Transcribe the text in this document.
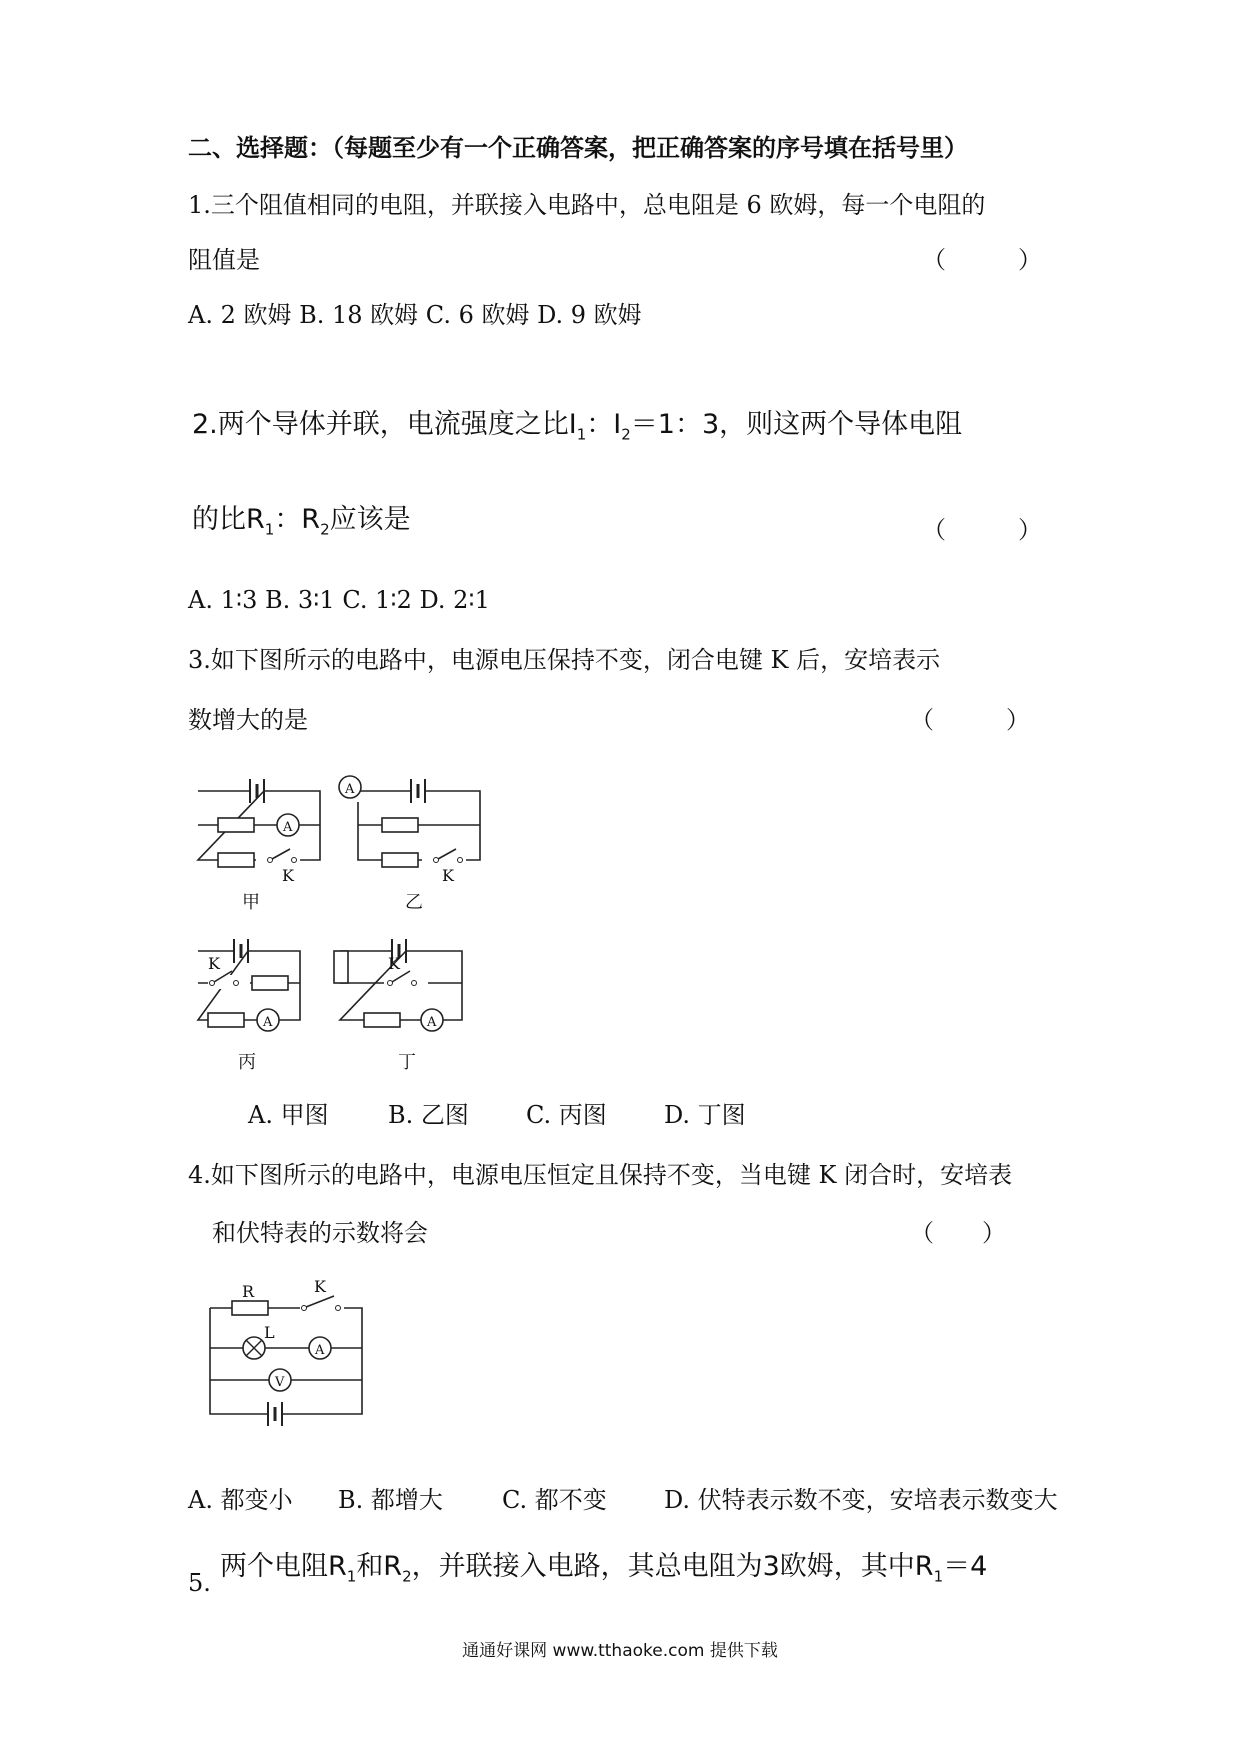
二、选择题：（每题至少有一个正确答案，把正确答案的序号填在括号里）
1.三个阻值相同的电阻，并联接入电路中，总电阻是 6 欧姆，每一个电阻的
阻值是	（　　　）
A. 2 欧姆 B. 18 欧姆 C. 6 欧姆 D. 9 欧姆
2.两个导体并联，电流强度之比$I_1$：$I_2=1$：3，则这两个导体电阻
的比$R_1$：$R_2$应该是	（　　　）
A. 1∶3 B. 3∶1 C. 1∶2 D. 2∶1
3.如下图所示的电路中，电源电压保持不变，闭合电键 K 后，安培表示
数增大的是	（　　　）
A
K
甲
A
K
乙
K
A
丙
K
A
丁
A. 甲图 B. 乙图 C. 丙图 D. 丁图
4.如下图所示的电路中，电源电压恒定且保持不变，当电键 K 闭合时，安培表
和伏特表的示数将会	（　　）
R	K
L
A
V
A. 都变小 B. 都增大 C. 都不变 D. 伏特表示数不变，安培表示数变大
5.
两个电阻$R_1$和$R_2$，并联接入电路，其总电阻为3欧姆，其中$R_1=4$
通通好课网 www.tthaoke.com 提供下载
